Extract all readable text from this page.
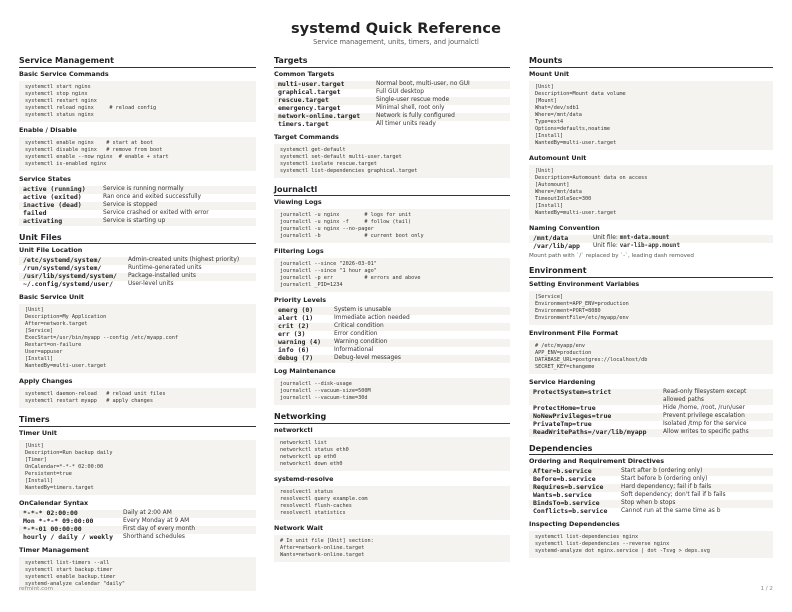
systemd Quick Reference
Service management, units, timers, and journalctl
Service Management
Basic Service Commands
systemctl start nginx
systemctl stop nginx
systemctl restart nginx
systemctl reload nginx     # reload config
systemctl status nginx
Enable / Disable
systemctl enable nginx    # start at boot
systemctl disable nginx   # remove from boot
systemctl enable --now nginx  # enable + start
systemctl is-enabled nginx
Service States
active (running)	Service is running normally
active (exited)	Ran once and exited successfully
inactive (dead)	Service is stopped
failed	Service crashed or exited with error
activating	Service is starting up
Unit Files
Unit File Location
/etc/systemd/system/	Admin-created units (highest priority)
/run/systemd/system/	Runtime-generated units
/usr/lib/systemd/system/	Package-installed units
~/.config/systemd/user/	User-level units
Basic Service Unit
[Unit]
Description=My Application
After=network.target
[Service]
ExecStart=/usr/bin/myapp --config /etc/myapp.conf
Restart=on-failure
User=appuser
[Install]
WantedBy=multi-user.target
Apply Changes
systemctl daemon-reload   # reload unit files
systemctl restart myapp   # apply changes
Timers
Timer Unit
[Unit]
Description=Run backup daily
[Timer]
OnCalendar=*-*-* 02:00:00
Persistent=true
[Install]
WantedBy=timers.target
OnCalendar Syntax
*-*-* 02:00:00	Daily at 2:00 AM
Mon *-*-* 09:00:00	Every Monday at 9 AM
*-*-01 00:00:00	First day of every month
hourly / daily / weekly	Shorthand schedules
Timer Management
systemctl list-timers --all
systemctl start backup.timer
systemctl enable backup.timer
systemd-analyze calendar "daily"
Targets
Common Targets
multi-user.target	Normal boot, multi-user, no GUI
graphical.target	Full GUI desktop
rescue.target	Single-user rescue mode
emergency.target	Minimal shell, root only
network-online.target	Network is fully configured
timers.target	All timer units ready
Target Commands
systemctl get-default
systemctl set-default multi-user.target
systemctl isolate rescue.target
systemctl list-dependencies graphical.target
Journalctl
Viewing Logs
journalctl -u nginx        # logs for unit
journalctl -u nginx -f     # follow (tail)
journalctl -u nginx --no-pager
journalctl -b              # current boot only
Filtering Logs
journalctl --since "2026-03-01"
journalctl --since "1 hour ago"
journalctl -p err          # errors and above
journalctl _PID=1234
Priority Levels
emerg (0)	System is unusable
alert (1)	Immediate action needed
crit (2)	Critical condition
err (3)	Error condition
warning (4)	Warning condition
info (6)	Informational
debug (7)	Debug-level messages
Log Maintenance
journalctl --disk-usage
journalctl --vacuum-size=500M
journalctl --vacuum-time=30d
Networking
networkctl
networkctl list
networkctl status eth0
networkctl up eth0
networkctl down eth0
systemd-resolve
resolvectl status
resolvectl query example.com
resolvectl flush-caches
resolvectl statistics
Network Wait
# In unit file [Unit] section:
After=network-online.target
Wants=network-online.target
Mounts
Mount Unit
[Unit]
Description=Mount data volume
[Mount]
What=/dev/sdb1
Where=/mnt/data
Type=ext4
Options=defaults,noatime
[Install]
WantedBy=multi-user.target
Automount Unit
[Unit]
Description=Automount data on access
[Automount]
Where=/mnt/data
TimeoutIdleSec=300
[Install]
WantedBy=multi-user.target
Naming Convention
/mnt/data	Unit file: mnt-data.mount
/var/lib/app	Unit file: var-lib-app.mount
Mount path with `/` replaced by `-`, leading dash removed
Environment
Setting Environment Variables
[Service]
Environment=APP_ENV=production
Environment=PORT=8080
EnvironmentFile=/etc/myapp/env
Environment File Format
# /etc/myapp/env
APP_ENV=production
DATABASE_URL=postgres://localhost/db
SECRET_KEY=changeme
Service Hardening
ProtectSystem=strict	Read-only filesystem except allowed paths
ProtectHome=true	Hide /home, /root, /run/user
NoNewPrivileges=true	Prevent privilege escalation
PrivateTmp=true	Isolated /tmp for the service
ReadWritePaths=/var/lib/myapp	Allow writes to specific paths
Dependencies
Ordering and Requirement Directives
After=b.service	Start after b (ordering only)
Before=b.service	Start before b (ordering only)
Requires=b.service	Hard dependency; fail if b fails
Wants=b.service	Soft dependency; don't fail if b fails
BindsTo=b.service	Stop when b stops
Conflicts=b.service	Cannot run at the same time as b
Inspecting Dependencies
systemctl list-dependencies nginx
systemctl list-dependencies --reverse nginx
systemd-analyze dot nginx.service | dot -Tsvg > deps.svg
refmint.com	1 / 2
